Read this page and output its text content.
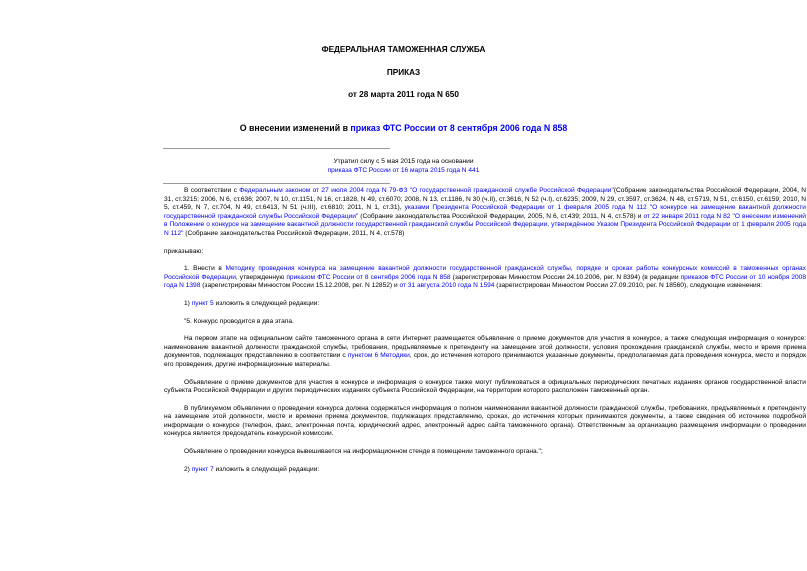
ФЕДЕРАЛЬНАЯ ТАМОЖЕННАЯ СЛУЖБА
ПРИКАЗ
от 28 марта 2011 года N 650
О внесении изменений в приказ ФТС России от 8 сентября 2006 года N 858
Утратил силу с 5 мая 2015 года на основании
приказа ФТС России от 16 марта 2015 года N 441

В соответствии с Федеральным законом от 27 июля 2004 года N 79-ФЗ "О государственной гражданской службе Российской Федерации"(Собрание законодательства Российской Федерации, 2004, N 31, ст.3215; 2006, N 6, ст.636; 2007, N 10, ст.1151, N 16, ст.1828, N 49, ст.6070; 2008, N 13, ст.1186, N 30 (ч.II), ст.3616, N 52 (ч.I), ст.6235; 2009, N 29, ст.3597, ст.3624, N 48, ст.5719, N 51, ст.6150, ст.6159; 2010, N 5, ст.459, N 7, ст.704, N 49, ст.6413, N 51 (ч.III), ст.6810; 2011, N 1, ст.31), указами Президента Российской Федерации от 1 февраля 2005 года N 112 "О конкурсе на замещение вакантной должности государственной гражданской службы Российской Федерации" (Собрание законодательства Российской Федерации, 2005, N 6, ст.439; 2011, N 4, ст.578) и от 22 января 2011 года N 82 "О внесении изменений в Положение о конкурсе на замещение вакантной должности государственной гражданской службы Российской Федерации, утверждённое Указом Президента Российской Федерации от 1 февраля 2005 года N 112" (Собрание законодательства Российской Федерации, 2011, N 4, ст.578)

приказываю:

1. Внести в Методику проведения конкурса на замещение вакантной должности государственной гражданской службы, порядке и сроках работы конкурсных комиссий в таможенных органах Российской Федерации, утвержденную приказом ФТС России от 8 сентября 2006 года N 858 (зарегистрирован Минюстом России 24.10.2006, рег. N 8394) (в редакции приказов ФТС России от 10 ноября 2008 года N 1398 (зарегистрирован Минюстом России 15.12.2008, рег. N 12852) и от 31 августа 2010 года N 1594 (зарегистрирован Минюстом России 27.09.2010, рег. N 18560), следующие изменения:

1) пункт 5 изложить в следующей редакции:

"5. Конкурс проводится в два этапа.

На первом этапе на официальном сайте таможенного органа в сети Интернет размещается объявление о приеме документов для участия в конкурсе, а также следующая информация о конкурсе: наименование вакантной должности гражданской службы, требования, предъявляемые к претенденту на замещение этой должности, условия прохождения гражданской службы, место и время приема документов, подлежащих представлению в соответствии с пунктом 6 Методики, срок, до истечения которого принимаются указанные документы, предполагаемая дата проведения конкурса, место и порядок его проведения, другие информационные материалы.

Объявление о приеме документов для участия в конкурсе и информация о конкурсе также могут публиковаться в официальных периодических печатных изданиях органов государственной власти субъекта Российской Федерации и других периодических изданиях субъекта Российской Федерации, на территории которого расположен таможенный орган.

В публикуемом объявлении о проведении конкурса должна содержаться информация о полном наименовании вакантной должности гражданской службы, требованиях, предъявляемых к претенденту на замещение этой должности, месте и времени приема документов, подлежащих представлению, сроках, до истечения которых принимаются документы, а также сведения об источнике подробной информации о конкурсе (телефон, факс, электронная почта, юридический адрес, электронный адрес сайта таможенного органа). Ответственным за организацию размещения информации о проведении конкурса является председатель конкурсной комиссии.

Объявление о проведении конкурса вывешивается на информационном стенде в помещении таможенного органа.";

2) пункт 7 изложить в следующей редакции:
